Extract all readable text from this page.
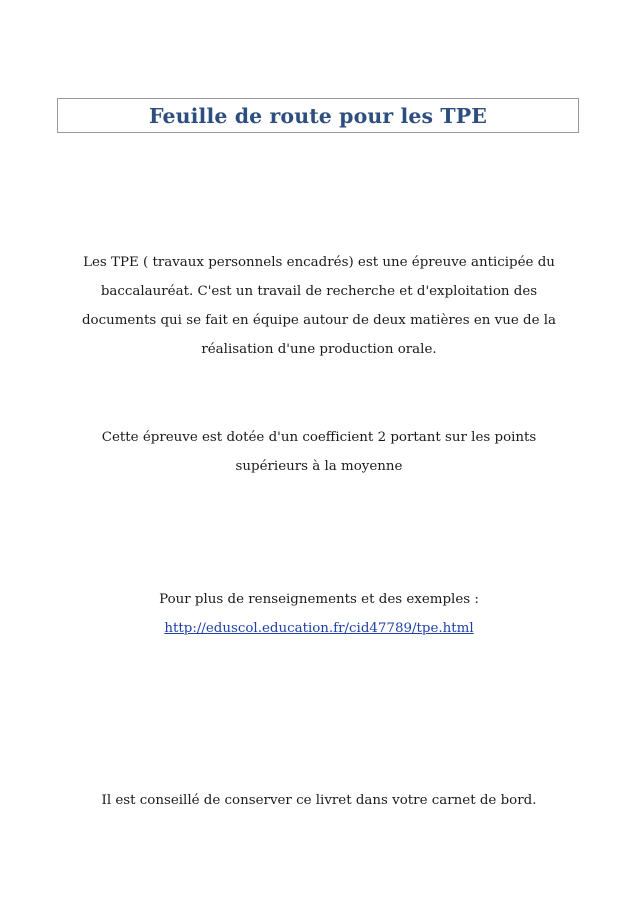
Feuille de route pour les TPE

Les TPE ( travaux personnels encadrés) est une épreuve anticipée du
baccalauréat. C'est un travail de recherche et d'exploitation des
documents qui se fait en équipe autour de deux matières en vue de la
réalisation d'une production orale.

Cette épreuve est dotée d'un coefficient 2 portant sur les points
supérieurs à la moyenne

Pour plus de renseignements et des exemples :
http://eduscol.education.fr/cid47789/tpe.html

Il est conseillé de conserver ce livret dans votre carnet de bord.
